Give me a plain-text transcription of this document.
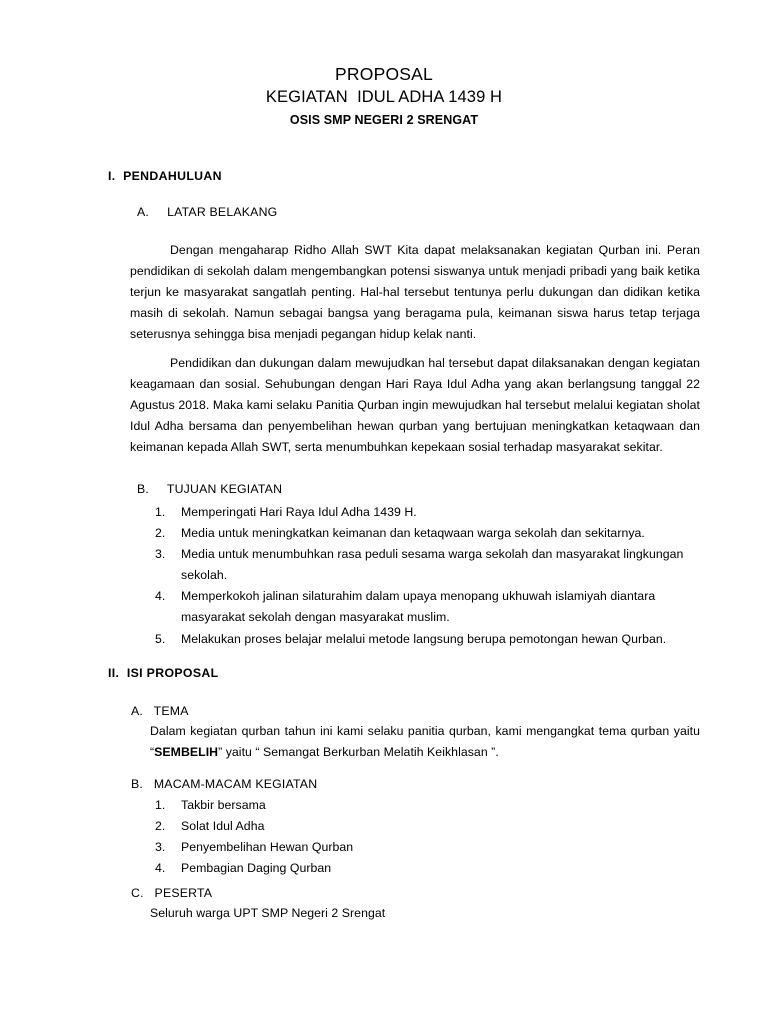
PROPOSAL
KEGIATAN  IDUL ADHA 1439 H
OSIS SMP NEGERI 2 SRENGAT
I.  PENDAHULUAN
A.     LATAR BELAKANG
Dengan mengaharap Ridho Allah SWT Kita dapat melaksanakan kegiatan Qurban ini. Peran pendidikan di sekolah dalam mengembangkan potensi siswanya untuk menjadi pribadi yang baik ketika terjun ke masyarakat sangatlah penting. Hal-hal tersebut tentunya perlu dukungan dan didikan ketika masih di sekolah. Namun sebagai bangsa yang beragama pula, keimanan siswa harus tetap terjaga seterusnya sehingga bisa menjadi pegangan hidup kelak nanti.
Pendidikan dan dukungan dalam mewujudkan hal tersebut dapat dilaksanakan dengan kegiatan keagamaan dan sosial. Sehubungan dengan Hari Raya Idul Adha yang akan berlangsung tanggal 22 Agustus 2018. Maka kami selaku Panitia Qurban ingin mewujudkan hal tersebut melalui kegiatan sholat Idul Adha bersama dan penyembelihan hewan qurban yang bertujuan meningkatkan ketaqwaan dan keimanan kepada Allah SWT, serta menumbuhkan kepekaan sosial terhadap masyarakat sekitar.
B.     TUJUAN KEGIATAN
1.	Memperingati Hari Raya Idul Adha 1439 H.
2.	Media untuk meningkatkan keimanan dan ketaqwaan warga sekolah dan sekitarnya.
3.	Media untuk menumbuhkan rasa peduli sesama warga sekolah dan masyarakat lingkungan sekolah.
4.	Memperkokoh jalinan silaturahim dalam upaya menopang ukhuwah islamiyah diantara masyarakat sekolah dengan masyarakat muslim.
5.	Melakukan proses belajar melalui metode langsung berupa pemotongan hewan Qurban.
II.  ISI PROPOSAL
A.   TEMA
Dalam kegiatan qurban tahun ini kami selaku panitia qurban, kami mengangkat tema qurban yaitu “SEMBELIH” yaitu “ Semangat Berkurban Melatih Keikhlasan ”.
B.   MACAM-MACAM KEGIATAN
1.	Takbir bersama
2.	Solat Idul Adha
3.	Penyembelihan Hewan Qurban
4.	Pembagian Daging Qurban
C.   PESERTA
Seluruh warga UPT SMP Negeri 2 Srengat
